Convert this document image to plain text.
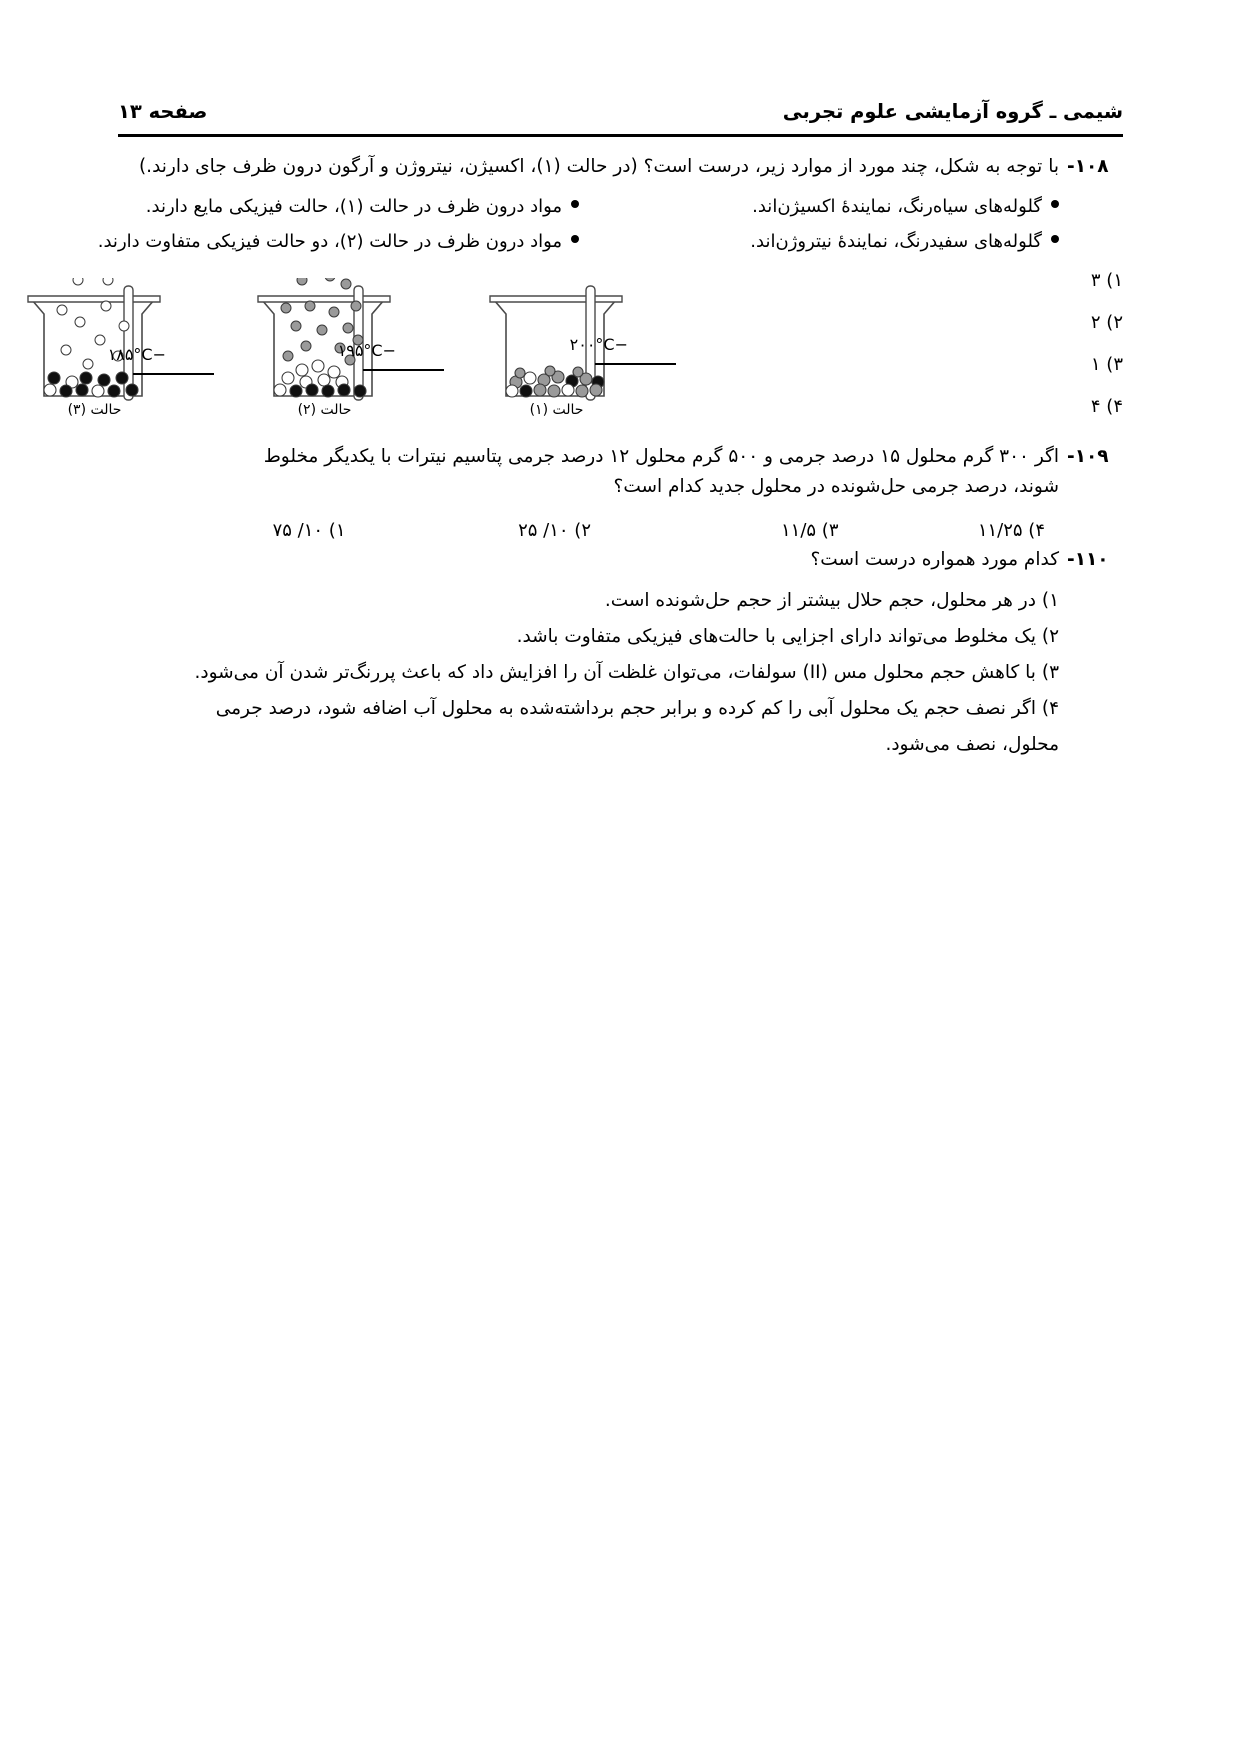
شیمی ـ گروه آزمایشی علوم تجربی
صفحه ۱۳
۱۰۸-
با توجه به شکل، چند مورد از موارد زیر، درست است؟ (در حالت (۱)، اکسیژن، نیتروژن و آرگون درون ظرف جای دارند.)
گلوله‌های سیاه‌رنگ، نمایندهٔ اکسیژن‌اند.
گلوله‌های سفیدرنگ، نمایندهٔ نیتروژن‌اند.
مواد درون ظرف در حالت (۱)، حالت فیزیکی مایع دارند.
مواد درون ظرف در حالت (۲)، دو حالت فیزیکی متفاوت دارند.
۱) ۳
۲) ۲
۳) ۱
۴) ۴
−۲۰۰°C
حالت (۱)
−۱۹۵°C
حالت (۲)
−۱۸۵°C
حالت (۳)
۱۰۹-
اگر ۳۰۰ گرم محلول ۱۵ درصد جرمی و ۵۰۰ گرم محلول ۱۲ درصد جرمی پتاسیم نیترات با یکدیگر مخلوط
شوند، درصد جرمی حل‌شونده در محلول جدید کدام است؟
۴) ۱۱/۲۵
۳) ۱۱/۵
۲) ۱۰/ ۲۵
۱) ۱۰/ ۷۵
۱۱۰-
کدام مورد همواره درست است؟
۱) در هر محلول، حجم حلال بیشتر از حجم حل‌شونده است.
۲) یک مخلوط می‌تواند دارای اجزایی با حالت‌های فیزیکی متفاوت باشد.
۳) با کاهش حجم محلول مس (II) سولفات، می‌توان غلظت آن را افزایش داد که باعث پررنگ‌تر شدن آن می‌شود.
۴) اگر نصف حجم یک محلول آبی را کم کرده و برابر حجم برداشته‌شده به محلول آب اضافه شود، درصد جرمی
محلول، نصف می‌شود.
